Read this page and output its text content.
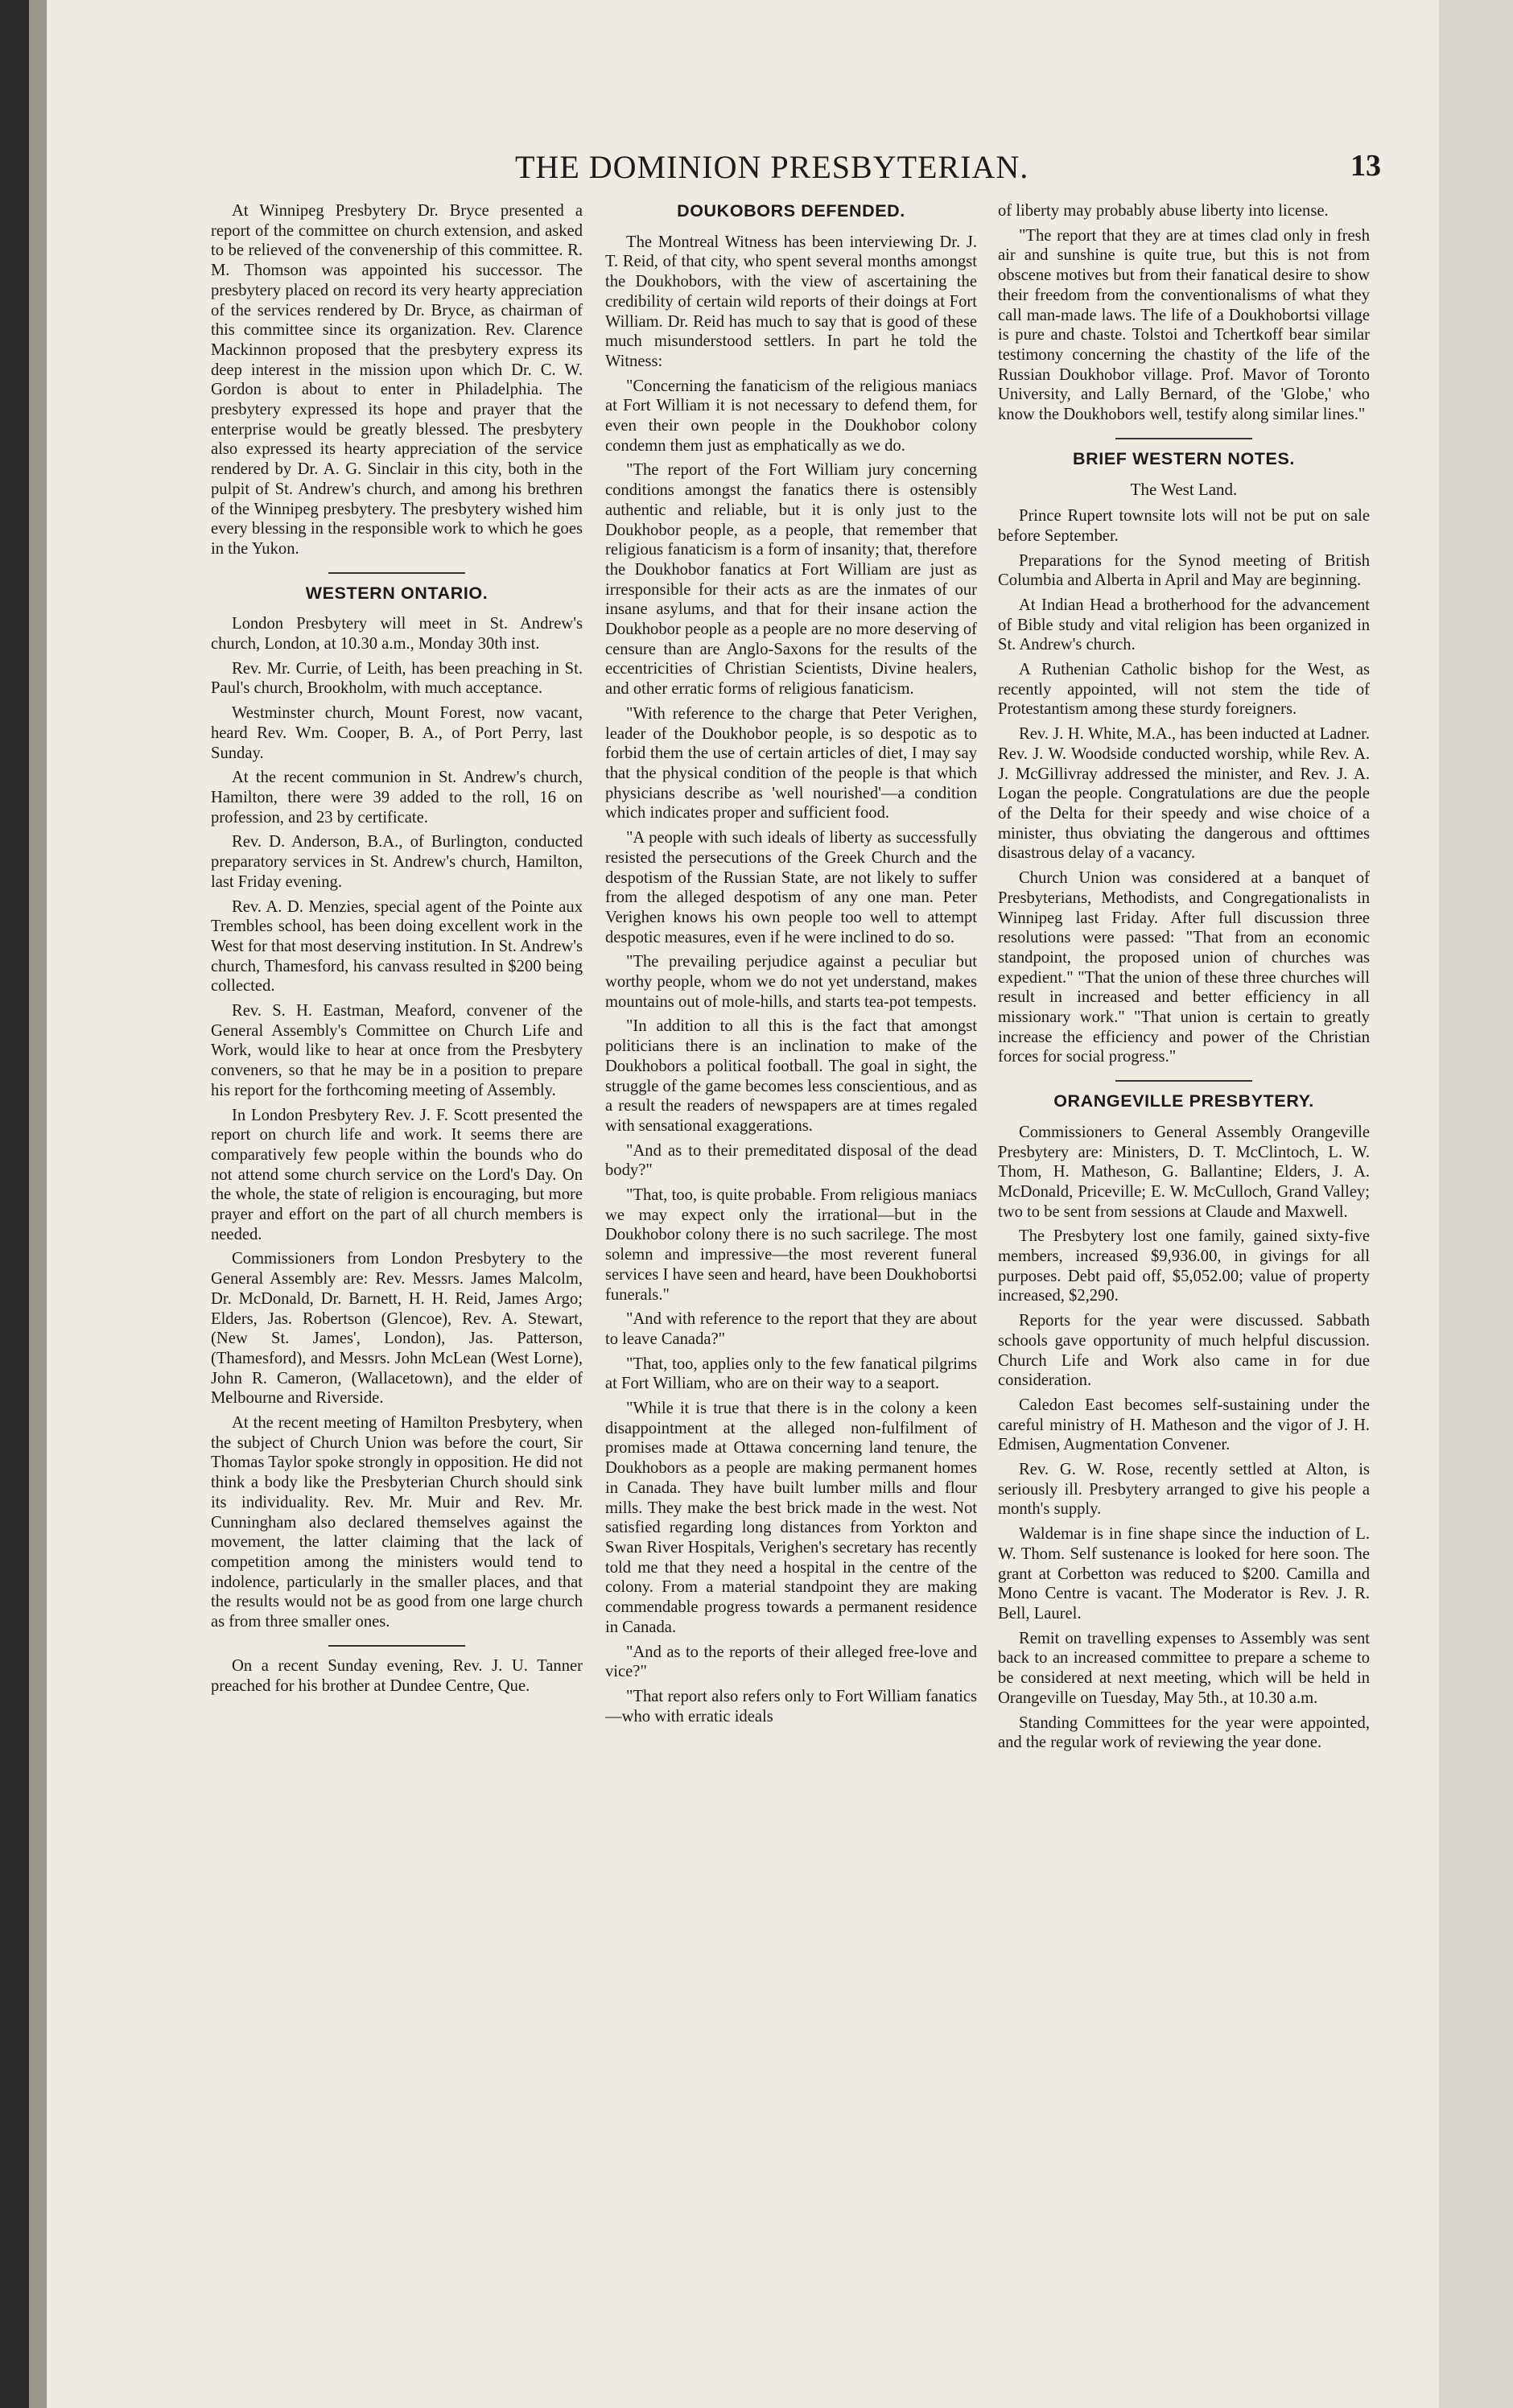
THE DOMINION PRESBYTERIAN.	13

At Winnipeg Presbytery Dr. Bryce presented a report of the committee on church extension, and asked to be relieved of the convenership of this committee. R. M. Thomson was appointed his successor. The presbytery placed on record its very hearty appreciation of the services rendered by Dr. Bryce, as chairman of this committee since its organization. Rev. Clarence Mackinnon proposed that the presbytery express its deep interest in the mission upon which Dr. C. W. Gordon is about to enter in Philadelphia. The presbytery expressed its hope and prayer that the enterprise would be greatly blessed. The presbytery also expressed its hearty appreciation of the service rendered by Dr. A. G. Sinclair in this city, both in the pulpit of St. Andrew's church, and among his brethren of the Winnipeg presbytery. The presbytery wished him every blessing in the responsible work to which he goes in the Yukon.

WESTERN ONTARIO.

London Presbytery will meet in St. Andrew's church, London, at 10.30 a.m., Monday 30th inst.

Rev. Mr. Currie, of Leith, has been preaching in St. Paul's church, Brookholm, with much acceptance.

Westminster church, Mount Forest, now vacant, heard Rev. Wm. Cooper, B. A., of Port Perry, last Sunday.

At the recent communion in St. Andrew's church, Hamilton, there were 39 added to the roll, 16 on profession, and 23 by certificate.

Rev. D. Anderson, B.A., of Burlington, conducted preparatory services in St. Andrew's church, Hamilton, last Friday evening.

Rev. A. D. Menzies, special agent of the Pointe aux Trembles school, has been doing excellent work in the West for that most deserving institution. In St. Andrew's church, Thamesford, his canvass resulted in $200 being collected.

Rev. S. H. Eastman, Meaford, convener of the General Assembly's Committee on Church Life and Work, would like to hear at once from the Presbytery conveners, so that he may be in a position to prepare his report for the forthcoming meeting of Assembly.

In London Presbytery Rev. J. F. Scott presented the report on church life and work. It seems there are comparatively few people within the bounds who do not attend some church service on the Lord's Day. On the whole, the state of religion is encouraging, but more prayer and effort on the part of all church members is needed.

Commissioners from London Presbytery to the General Assembly are: Rev. Messrs. James Malcolm, Dr. McDonald, Dr. Barnett, H. H. Reid, James Argo; Elders, Jas. Robertson (Glencoe), Rev. A. Stewart, (New St. James', London), Jas. Patterson, (Thamesford), and Messrs. John McLean (West Lorne), John R. Cameron, (Wallacetown), and the elder of Melbourne and Riverside.

At the recent meeting of Hamilton Presbytery, when the subject of Church Union was before the court, Sir Thomas Taylor spoke strongly in opposition. He did not think a body like the Presbyterian Church should sink its individuality. Rev. Mr. Muir and Rev. Mr. Cunningham also declared themselves against the movement, the latter claiming that the lack of competition among the ministers would tend to indolence, particularly in the smaller places, and that the results would not be as good from one large church as from three smaller ones.

On a recent Sunday evening, Rev. J. U. Tanner preached for his brother at Dundee Centre, Que.

DOUKOBORS DEFENDED.

The Montreal Witness has been interviewing Dr. J. T. Reid, of that city, who spent several months amongst the Doukhobors, with the view of ascertaining the credibility of certain wild reports of their doings at Fort William. Dr. Reid has much to say that is good of these much misunderstood settlers. In part he told the Witness:

"Concerning the fanaticism of the religious maniacs at Fort William it is not necessary to defend them, for even their own people in the Doukhobor colony condemn them just as emphatically as we do.

"The report of the Fort William jury concerning conditions amongst the fanatics there is ostensibly authentic and reliable, but it is only just to the Doukhobor people, as a people, that remember that religious fanaticism is a form of insanity; that, therefore the Doukhobor fanatics at Fort William are just as irresponsible for their acts as are the inmates of our insane asylums, and that for their insane action the Doukhobor people as a people are no more deserving of censure than are Anglo-Saxons for the results of the eccentricities of Christian Scientists, Divine healers, and other erratic forms of religious fanaticism.

"With reference to the charge that Peter Verighen, leader of the Doukhobor people, is so despotic as to forbid them the use of certain articles of diet, I may say that the physical condition of the people is that which physicians describe as 'well nourished'—a condition which indicates proper and sufficient food.

"A people with such ideals of liberty as successfully resisted the persecutions of the Greek Church and the despotism of the Russian State, are not likely to suffer from the alleged despotism of any one man. Peter Verighen knows his own people too well to attempt despotic measures, even if he were inclined to do so.

"The prevailing perjudice against a peculiar but worthy people, whom we do not yet understand, makes mountains out of mole-hills, and starts tea-pot tempests.

"In addition to all this is the fact that amongst politicians there is an inclination to make of the Doukhobors a political football. The goal in sight, the struggle of the game becomes less conscientious, and as a result the readers of newspapers are at times regaled with sensational exaggerations.

"And as to their premeditated disposal of the dead body?"

"That, too, is quite probable. From religious maniacs we may expect only the irrational—but in the Doukhobor colony there is no such sacrilege. The most solemn and impressive—the most reverent funeral services I have seen and heard, have been Doukhobortsi funerals."

"And with reference to the report that they are about to leave Canada?"

"That, too, applies only to the few fanatical pilgrims at Fort William, who are on their way to a seaport.

"While it is true that there is in the colony a keen disappointment at the alleged non-fulfilment of promises made at Ottawa concerning land tenure, the Doukhobors as a people are making permanent homes in Canada. They have built lumber mills and flour mills. They make the best brick made in the west. Not satisfied regarding long distances from Yorkton and Swan River Hospitals, Verighen's secretary has recently told me that they need a hospital in the centre of the colony. From a material standpoint they are making commendable progress towards a permanent residence in Canada.

"And as to the reports of their alleged free-love and vice?"

"That report also refers only to Fort William fanatics—who with erratic ideals

of liberty may probably abuse liberty into license.

"The report that they are at times clad only in fresh air and sunshine is quite true, but this is not from obscene motives but from their fanatical desire to show their freedom from the conventionalisms of what they call man-made laws. The life of a Doukhobortsi village is pure and chaste. Tolstoi and Tchertkoff bear similar testimony concerning the chastity of the life of the Russian Doukhobor village. Prof. Mavor of Toronto University, and Lally Bernard, of the 'Globe,' who know the Doukhobors well, testify along similar lines."

BRIEF WESTERN NOTES.
The West Land.

Prince Rupert townsite lots will not be put on sale before September.

Preparations for the Synod meeting of British Columbia and Alberta in April and May are beginning.

At Indian Head a brotherhood for the advancement of Bible study and vital religion has been organized in St. Andrew's church.

A Ruthenian Catholic bishop for the West, as recently appointed, will not stem the tide of Protestantism among these sturdy foreigners.

Rev. J. H. White, M.A., has been inducted at Ladner. Rev. J. W. Woodside conducted worship, while Rev. A. J. McGillivray addressed the minister, and Rev. J. A. Logan the people. Congratulations are due the people of the Delta for their speedy and wise choice of a minister, thus obviating the dangerous and ofttimes disastrous delay of a vacancy.

Church Union was considered at a banquet of Presbyterians, Methodists, and Congregationalists in Winnipeg last Friday. After full discussion three resolutions were passed: "That from an economic standpoint, the proposed union of churches was expedient." "That the union of these three churches will result in increased and better efficiency in all missionary work." "That union is certain to greatly increase the efficiency and power of the Christian forces for social progress."

ORANGEVILLE PRESBYTERY.

Commissioners to General Assembly Orangeville Presbytery are: Ministers, D. T. McClintoch, L. W. Thom, H. Matheson, G. Ballantine; Elders, J. A. McDonald, Priceville; E. W. McCulloch, Grand Valley; two to be sent from sessions at Claude and Maxwell.

The Presbytery lost one family, gained sixty-five members, increased $9,936.00, in givings for all purposes. Debt paid off, $5,052.00; value of property increased, $2,290.

Reports for the year were discussed. Sabbath schools gave opportunity of much helpful discussion. Church Life and Work also came in for due consideration.

Caledon East becomes self-sustaining under the careful ministry of H. Matheson and the vigor of J. H. Edmisen, Augmentation Convener.

Rev. G. W. Rose, recently settled at Alton, is seriously ill. Presbytery arranged to give his people a month's supply.

Waldemar is in fine shape since the induction of L. W. Thom. Self sustenance is looked for here soon. The grant at Corbetton was reduced to $200. Camilla and Mono Centre is vacant. The Moderator is Rev. J. R. Bell, Laurel.

Remit on travelling expenses to Assembly was sent back to an increased committee to prepare a scheme to be considered at next meeting, which will be held in Orangeville on Tuesday, May 5th., at 10.30 a.m.

Standing Committees for the year were appointed, and the regular work of reviewing the year done.
